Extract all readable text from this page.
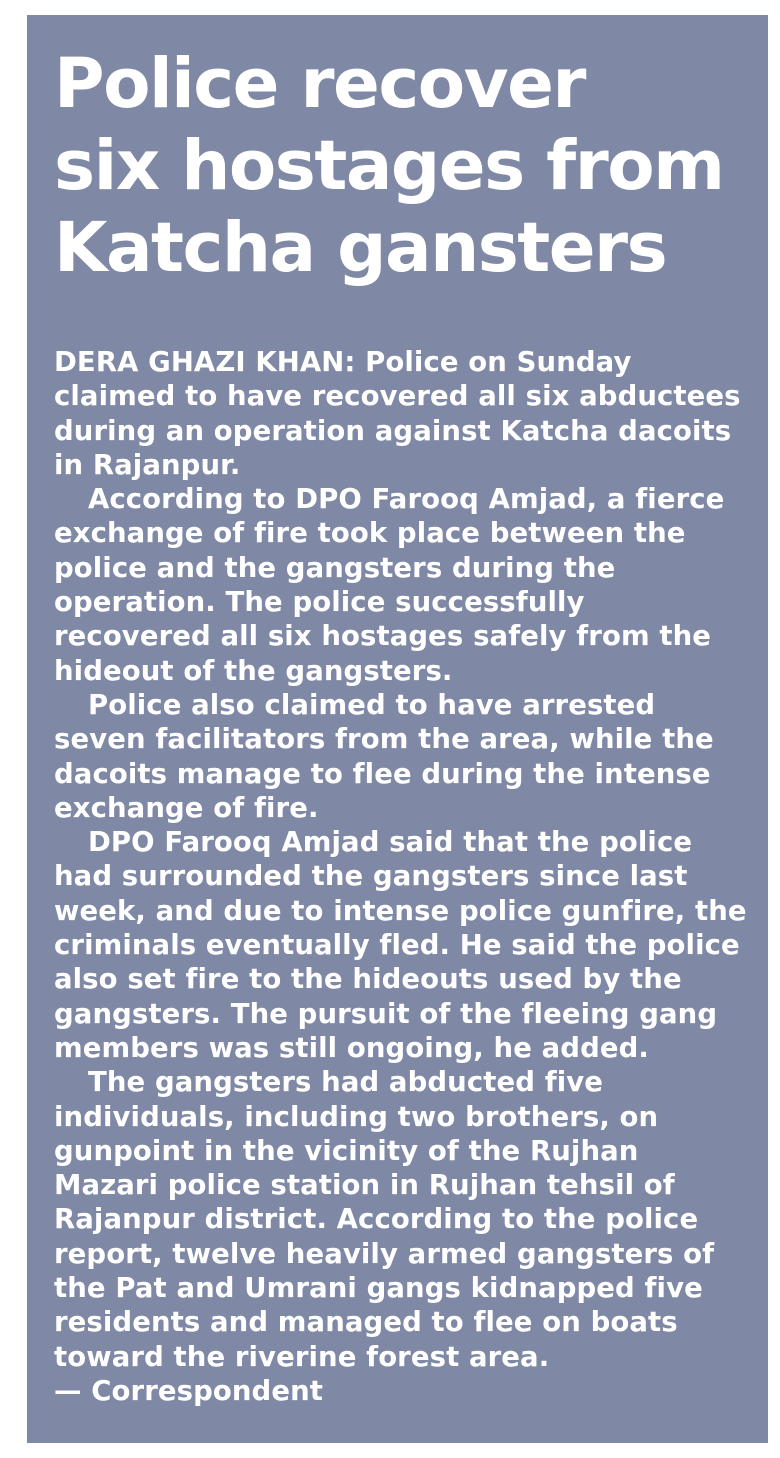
Police recover
six hostages from
Katcha gansters

DERA GHAZI KHAN: Police on Sunday claimed to have recovered all six abductees during an operation against Katcha dacoits in Rajanpur.

According to DPO Farooq Amjad, a fierce exchange of fire took place between the police and the gangsters during the operation. The police successfully recovered all six hostages safely from the hideout of the gangsters.

Police also claimed to have arrested seven facilitators from the area, while the dacoits manage to flee during the intense exchange of fire.

DPO Farooq Amjad said that the police had surrounded the gangsters since last week, and due to intense police gunfire, the criminals eventually fled. He said the police also set fire to the hideouts used by the gangsters. The pursuit of the fleeing gang members was still ongoing, he added.

The gangsters had abducted five individuals, including two brothers, on gunpoint in the vicinity of the Rujhan Mazari police station in Rujhan tehsil of Rajanpur district. According to the police report, twelve heavily armed gangsters of the Pat and Umrani gangs kidnapped five residents and managed to flee on boats toward the riverine forest area.

— Correspondent
